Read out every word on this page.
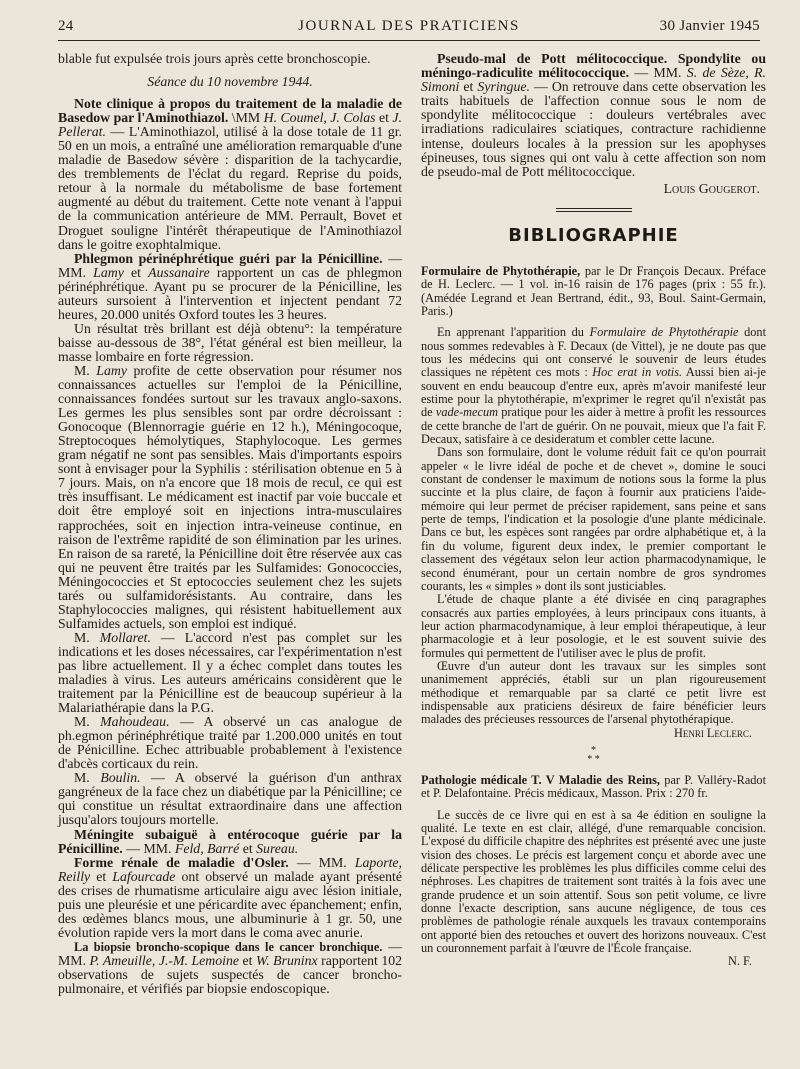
24	JOURNAL DES PRATICIENS	30 Janvier 1945

blable fut expulsée trois jours après cette bronchoscopie.

Séance du 10 novembre 1944.

Note clinique à propos du traitement de la maladie de Basedow par l'Aminothiazol. \MM H. Coumel, J. Colas et J. Pellerat. — L'Aminothiazol, utilisé à la dose totale de 11 gr. 50 en un mois, a entraîné une amélioration remarquable d'une maladie de Basedow sévère : disparition de la tachycardie, des tremblements de l'éclat du regard. Reprise du poids, retour à la normale du métabolisme de base fortement augmenté au début du traitement. Cette note venant à l'appui de la communication antérieure de MM. Perrault, Bovet et Droguet souligne l'intérêt thérapeutique de l'Aminothiazol dans le goitre exophtalmique.

Phlegmon périnéphrétique guéri par la Pénicilline. — MM. Lamy et Aussanaire rapportent un cas de phlegmon périnéphrétique. Ayant pu se procurer de la Pénicilline, les auteurs sursoient à l'intervention et injectent pendant 72 heures, 20.000 unités Oxford toutes les 3 heures.

Un résultat très brillant est déjà obtenu°: la température baisse au-dessous de 38°, l'état général est bien meilleur, la masse lombaire en forte régression.

M. Lamy profite de cette observation pour résumer nos connaissances actuelles sur l'emploi de la Pénicilline, connaissances fondées surtout sur les travaux anglo-saxons. Les germes les plus sensibles sont par ordre décroissant : Gonocoque (Blennorragie guérie en 12 h.), Méningocoque, Streptocoques hémolytiques, Staphylocoque. Les germes gram négatif ne sont pas sensibles. Mais d'importants espoirs sont à envisager pour la Syphilis : stérilisation obtenue en 5 à 7 jours. Mais, on n'a encore que 18 mois de recul, ce qui est très insuffisant. Le médicament est inactif par voie buccale et doit être employé soit en injections intra-musculaires rapprochées, soit en injection intra-veineuse continue, en raison de l'extrême rapidité de son élimination par les urines. En raison de sa rareté, la Pénicilline doit être réservée aux cas qui ne peuvent être traités par les Sulfamides: Gonococcies, Méningococcies et St eptococcies seulement chez les sujets tarés ou sulfamidorésistants. Au contraire, dans les Staphylococcies malignes, qui résistent habituellement aux Sulfamides actuels, son emploi est indiqué.

M. Mollaret. — L'accord n'est pas complet sur les indications et les doses nécessaires, car l'expérimentation n'est pas libre actuellement. Il y a échec complet dans toutes les maladies à virus. Les auteurs américains considèrent que le traitement par la Pénicilline est de beaucoup supérieur à la Malariathérapie dans la P.G.

M. Mahoudeau. — A observé un cas analogue de ph.egmon périnéphrétique traité par 1.200.000 unités en tout de Pénicilline. Echec attribuable probablement à l'existence d'abcès corticaux du rein.

M. Boulin. — A observé la guérison d'un anthrax gangréneux de la face chez un diabétique par la Pénicilline; ce qui constitue un résultat extraordinaire dans une affection jusqu'alors toujours mortelle.

Méningite subaiguë à entérocoque guérie par la Pénicilline. — MM. Feld, Barré et Sureau.

Forme rénale de maladie d'Osler. — MM. Laporte, Reilly et Lafourcade ont observé un malade ayant présenté des crises de rhumatisme articulaire aigu avec lésion initiale, puis une pleurésie et une péricardite avec épanchement; enfin, des œdèmes blancs mous, une albuminurie à 1 gr. 50, une évolution rapide vers la mort dans le coma avec anurie.

La biopsie broncho-scopique dans le cancer bronchique. — MM. P. Ameuille, J.-M. Lemoine et W. Bruninx rapportent 102 observations de sujets suspectés de cancer broncho-pulmonaire, et vérifiés par biopsie endoscopique.

Pseudo-mal de Pott mélitococcique. Spondylite ou méningo-radiculite mélitococcique. — MM. S. de Sèze, R. Simoni et Syringue. — On retrouve dans cette observation les traits habituels de l'affection connue sous le nom de spondylite mélitococcique : douleurs vertébrales avec irradiations radiculaires sciatiques, contracture rachidienne intense, douleurs locales à la pression sur les apophyses épineuses, tous signes qui ont valu à cette affection son nom de pseudo-mal de Pott mélitococcique.

Louis Gougerot.

BIBLIOGRAPHIE

Formulaire de Phytothérapie, par le Dr François Decaux. Préface de H. Leclerc. — 1 vol. in-16 raisin de 176 pages (prix : 55 fr.). (Amédée Legrand et Jean Bertrand, édit., 93, Boul. Saint-Germain, Paris.)

En apprenant l'apparition du Formulaire de Phytothérapie dont nous sommes redevables à F. Decaux (de Vittel), je ne doute pas que tous les médecins qui ont conservé le souvenir de leurs études classiques ne répètent ces mots : Hoc erat in votis. Aussi bien ai-je souvent en endu beaucoup d'entre eux, après m'avoir manifesté leur estime pour la phytothérapie, m'exprimer le regret qu'il n'existât pas de vade-mecum pratique pour les aider à mettre à profit les ressources de cette branche de l'art de guérir. On ne pouvait, mieux que l'a fait F. Decaux, satisfaire à ce desideratum et combler cette lacune.

Dans son formulaire, dont le volume réduit fait ce qu'on pourrait appeler « le livre idéal de poche et de chevet », domine le souci constant de condenser le maximum de notions sous la forme la plus succinte et la plus claire, de façon à fournir aux praticiens l'aide-mémoire qui leur permet de préciser rapidement, sans peine et sans perte de temps, l'indication et la posologie d'une plante médicinale. Dans ce but, les espèces sont rangées par ordre alphabétique et, à la fin du volume, figurent deux index, le premier comportant le classement des végétaux selon leur action pharmacodynamique, le second énumérant, pour un certain nombre de gros syndromes courants, les « simples » dont ils sont justiciables.

L'étude de chaque plante a été divisée en cinq paragraphes consacrés aux parties employées, à leurs principaux cons ituants, à leur action pharmacodynamique, à leur emploi thérapeutique, à leur pharmacologie et à leur posologie, et le est souvent suivie des formules qui permettent de l'utiliser avec le plus de profit.

Œuvre d'un auteur dont les travaux sur les simples sont unanimement appréciés, établi sur un plan rigoureusement méthodique et remarquable par sa clarté ce petit livre est indispensable aux praticiens désireux de faire bénéficier leurs malades des précieuses ressources de l'arsenal phytothérapique.

Henri Leclerc.

*
* *

Pathologie médicale T. V Maladie des Reins, par P. Valléry-Radot et P. Delafontaine. Précis médicaux, Masson. Prix : 270 fr.

Le succès de ce livre qui en est à sa 4e édition en souligne la qualité. Le texte en est clair, allégé, d'une remarquable concision. L'exposé du difficile chapitre des néphrites est présenté avec une juste vision des choses. Le précis est largement conçu et aborde avec une délicate perspective les problèmes les plus difficiles comme celui des néphroses. Les chapitres de traitement sont traités à la fois avec une grande prudence et un soin attentif. Sous son petit volume, ce livre donne l'exacte description, sans aucune négligence, de tous ces problèmes de pathologie rénale auxquels les travaux contemporains ont apporté bien des retouches et ouvert des horizons nouveaux. C'est un couronnement parfait à l'œuvre de l'École française.

N. F.
